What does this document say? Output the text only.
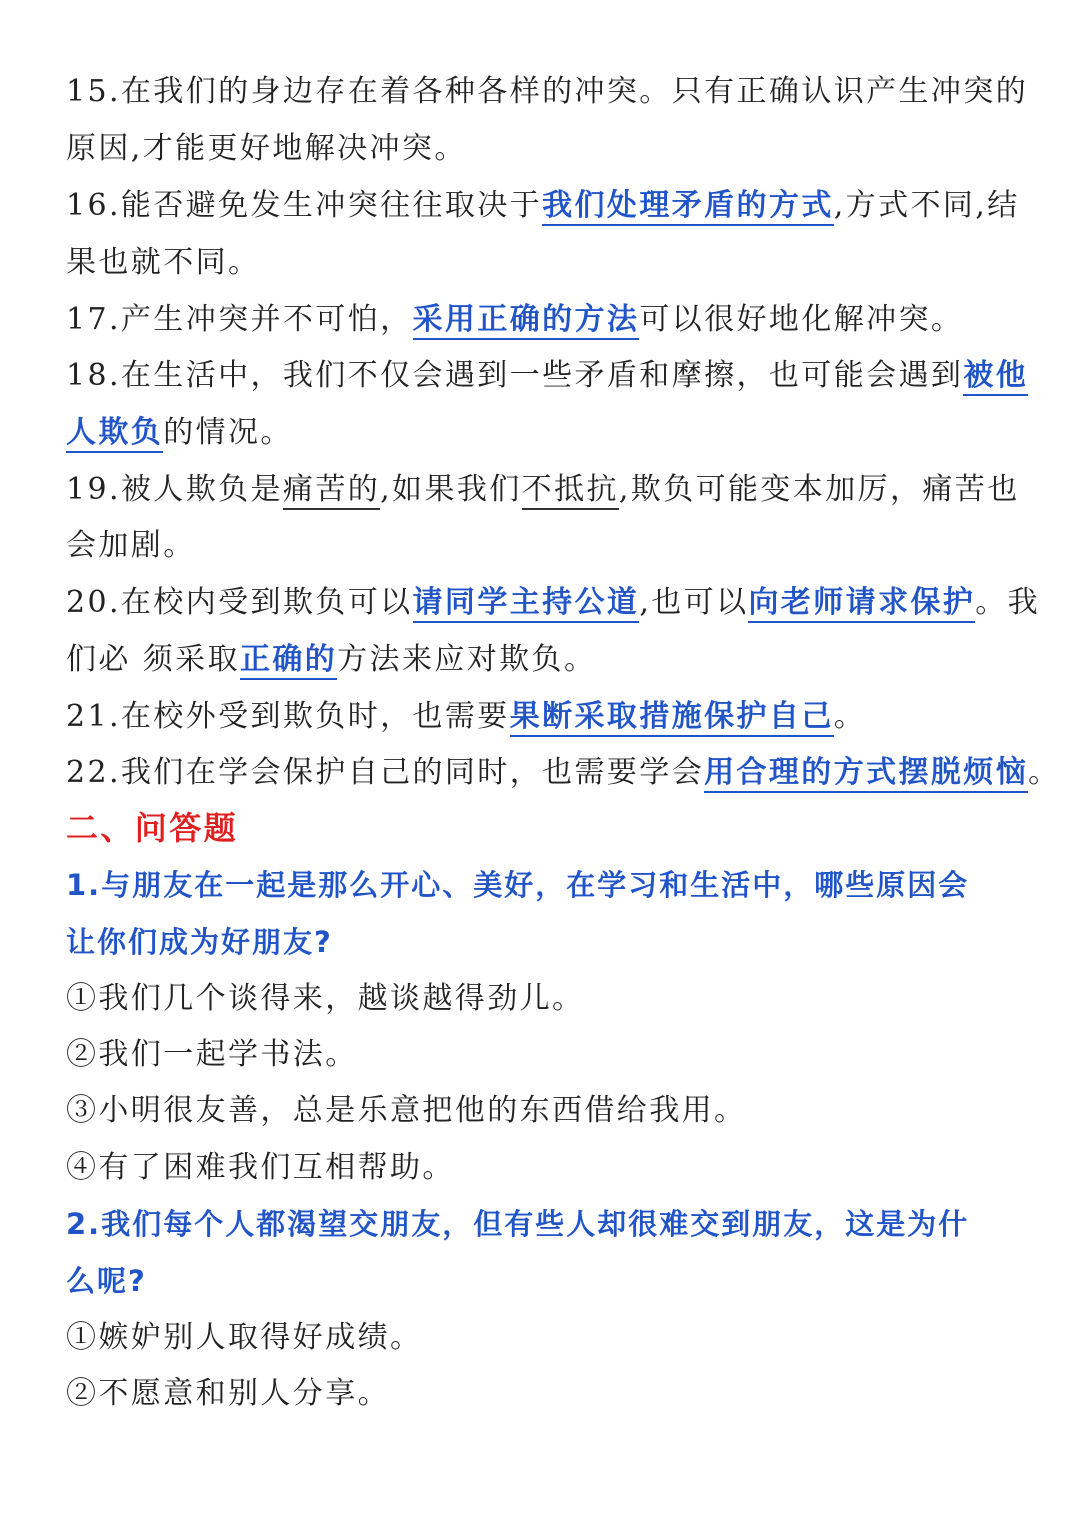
15.在我们的身边存在着各种各样的冲突。只有正确认识产生冲突的
原因,才能更好地解决冲突。
16.能否避免发生冲突往往取决于我们处理矛盾的方式,方式不同,结
果也就不同。
17.产生冲突并不可怕，采用正确的方法可以很好地化解冲突。
18.在生活中，我们不仅会遇到一些矛盾和摩擦，也可能会遇到被他
人欺负的情况。
19.被人欺负是痛苦的,如果我们不抵抗,欺负可能变本加厉，痛苦也
会加剧。
20.在校内受到欺负可以请同学主持公道,也可以向老师请求保护。我
们必 须采取正确的方法来应对欺负。
21.在校外受到欺负时，也需要果断采取措施保护自己。
22.我们在学会保护自己的同时，也需要学会用合理的方式摆脱烦恼。
二、问答题
1.与朋友在一起是那么开心、美好，在学习和生活中，哪些原因会
让你们成为好朋友?
①我们几个谈得来，越谈越得劲儿。
②我们一起学书法。
③小明很友善，总是乐意把他的东西借给我用。
④有了困难我们互相帮助。
2.我们每个人都渴望交朋友，但有些人却很难交到朋友，这是为什
么呢?
①嫉妒别人取得好成绩。
②不愿意和别人分享。
